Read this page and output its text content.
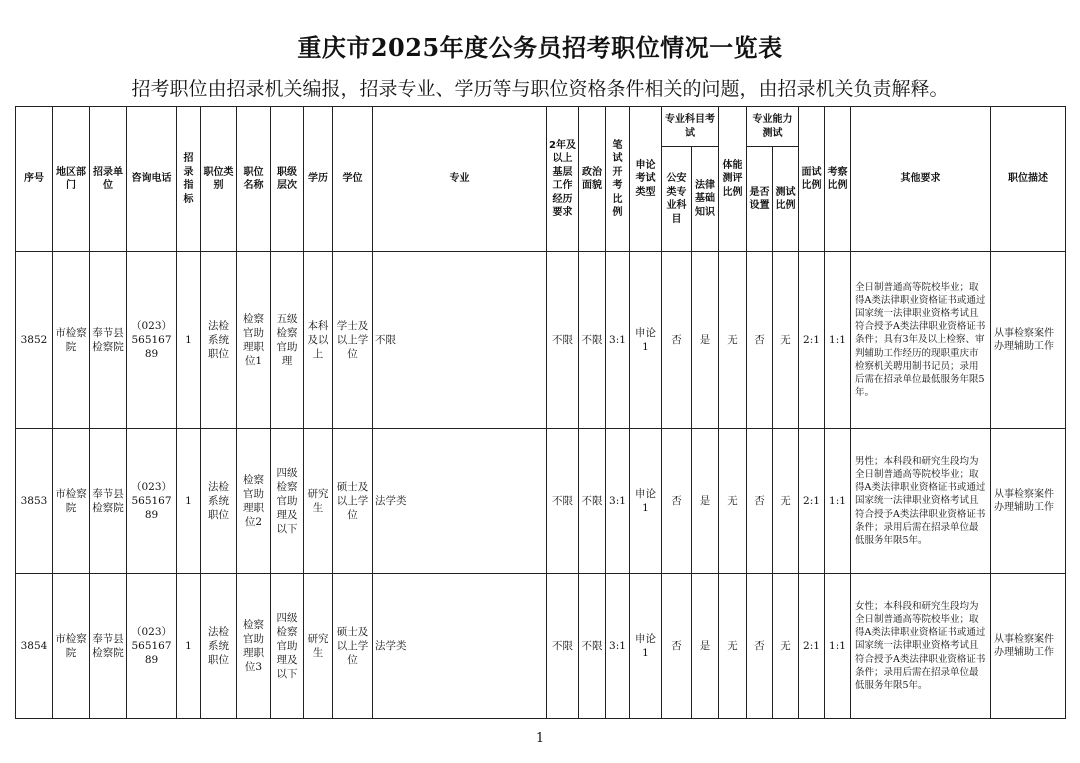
重庆市2025年度公务员招考职位情况一览表
招考职位由招录机关编报，招录专业、学历等与职位资格条件相关的问题，由招录机关负责解释。
序号	地区部门	招录单位	咨询电话	招录指标	职位类别	职位名称	职级层次	学历	学位	专业	2年及以上基层工作经历要求	政治面貌	笔试开考比例	申论考试类型	专业科目考试		体能测评比例	专业能力测试		面试比例	考察比例	其他要求	职位描述
															公安类专业科目	法律基础知识		是否设置	测试比例				
3852	市检察院	奉节县检察院	（023）56516789	1	法检系统职位	检察官助理职位1	五级检察官助理	本科及以上	学士及以上学位	不限	不限	不限	3:1	申论1	否	是	无	否	无	2:1	1:1	全日制普通高等院校毕业；取得A类法律职业资格证书或通过国家统一法律职业资格考试且符合授予A类法律职业资格证书条件；具有3年及以上检察、审判辅助工作经历的现职重庆市检察机关聘用制书记员；录用后需在招录单位最低服务年限5年。	从事检察案件办理辅助工作
3853	市检察院	奉节县检察院	（023）56516789	1	法检系统职位	检察官助理职位2	四级检察官助理及以下	研究生	硕士及以上学位	法学类	不限	不限	3:1	申论1	否	是	无	否	无	2:1	1:1	男性；本科段和研究生段均为全日制普通高等院校毕业；取得A类法律职业资格证书或通过国家统一法律职业资格考试且符合授予A类法律职业资格证书条件；录用后需在招录单位最低服务年限5年。	从事检察案件办理辅助工作
3854	市检察院	奉节县检察院	（023）56516789	1	法检系统职位	检察官助理职位3	四级检察官助理及以下	研究生	硕士及以上学位	法学类	不限	不限	3:1	申论1	否	是	无	否	无	2:1	1:1	女性；本科段和研究生段均为全日制普通高等院校毕业；取得A类法律职业资格证书或通过国家统一法律职业资格考试且符合授予A类法律职业资格证书条件；录用后需在招录单位最低服务年限5年。	从事检察案件办理辅助工作
1
